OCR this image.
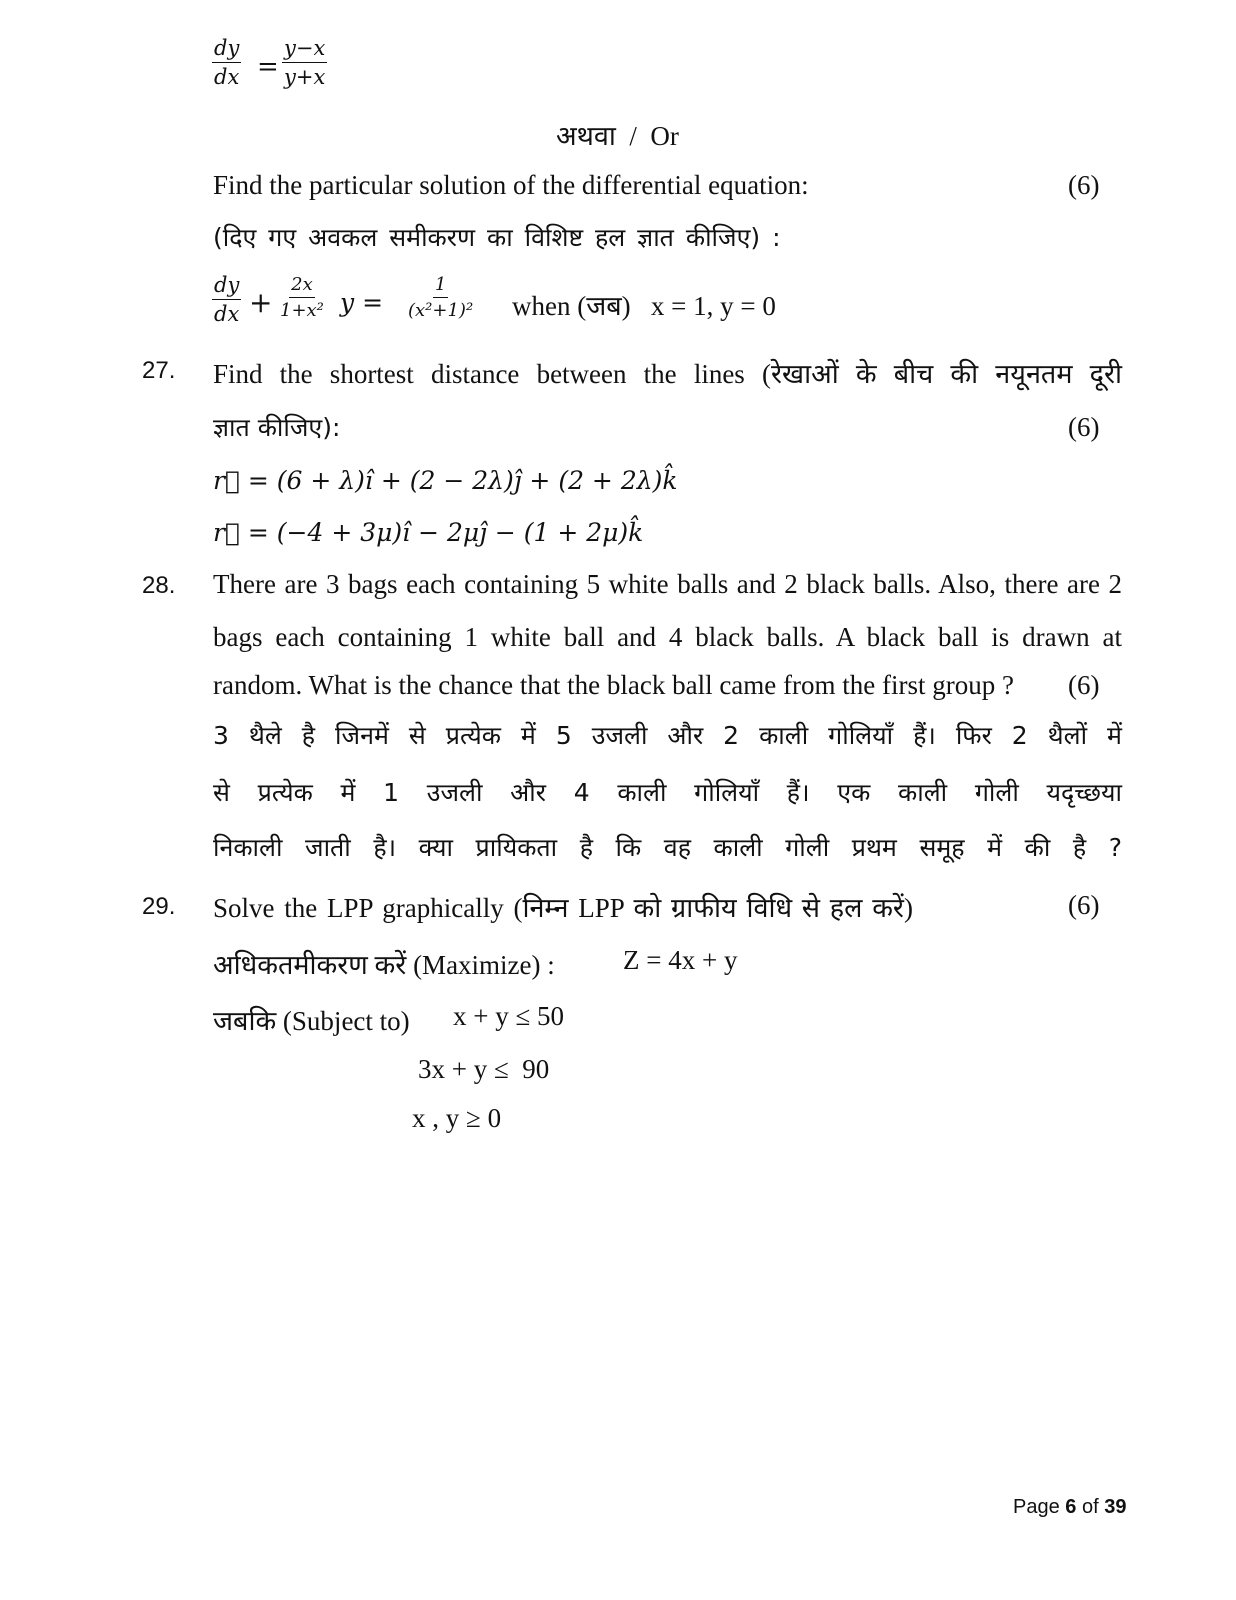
$\frac{dy}{dx} = \frac{y-x}{y+x}$
अथवा  /  Or
Find the particular solution of the differential equation:	(6)
(दिए गए अवकल समीकरण का विशिष्ट हल ज्ञात कीजिए) :
$\frac{dy}{dx} + \frac{2x}{\text{1+x²}}$ $y = \frac{1}{\text{(x²+1)²}}$ when (जब)   x = 1, y = 0
27. Find the shortest distance between the lines (रेखाओं के बीच की नयूनतम दूरी
ज्ञात कीजिए):	(6)
r⃗ = (6 + λ)î + (2 − 2λ)ĵ + (2 + 2λ)k̂
r⃗ = (−4 + 3μ)î − 2μĵ − (1 + 2μ)k̂
28. There are 3 bags each containing 5 white balls and 2 black balls. Also, there are 2
bags each containing 1 white ball and 4 black balls. A black ball is drawn at
random. What is the chance that the black ball came from the first group ? (6)
3 थैले है जिनमें से प्रत्येक में 5 उजली और 2 काली गोलियाँ हैं। फिर 2 थैलों में
से प्रत्येक में 1 उजली और 4 काली गोलियाँ हैं। एक काली गोली यदृच्छया
निकाली जाती है। क्या प्रायिकता है कि वह काली गोली प्रथम समूह में की है ?
29. Solve the LPP graphically (निम्न LPP को ग्राफीय विधि से हल करें)	(6)
अधिकतमीकरण करें (Maximize) :	Z = 4x + y
जबकि (Subject to) x + y ≤ 50
3x + y ≤  90
x , y ≥ 0
Page 6 of 39
